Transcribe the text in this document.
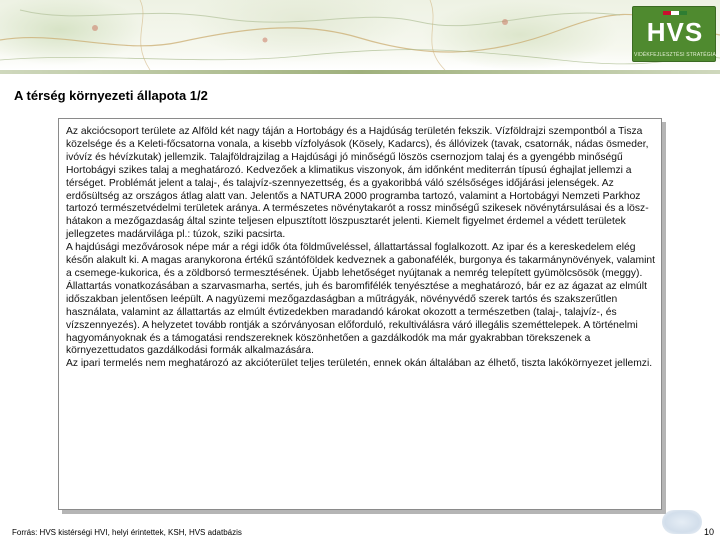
HVS
VIDÉKFEJLESZTÉSI STRATÉGIA
A térség környezeti állapota 1/2

Az akciócsoport területe az Alföld két nagy táján a Hortobágy és a Hajdúság területén fekszik. Vízföldrajzi szempontból a Tisza közelsége és a Keleti-főcsatorna vonala, a kisebb vízfolyások (Kösely, Kadarcs), és állóvizek (tavak, csatornák, nádas ösmeder, ivóvíz és hévízkutak) jellemzik. Talajföldrajzilag a Hajdúsági jó minőségű löszös csernozjom talaj és a gyengébb minőségű Hortobágyi szikes talaj a meghatározó. Kedvezőek a klimatikus viszonyok, ám időnként mediterrán típusú éghajlat jellemzi a térséget. Problémát jelent a talaj-, és talajvíz-szennyezettség, és a gyakoribbá váló szélsőséges időjárási jelenségek. Az erdősültség az országos átlag alatt van. Jelentős a NATURA 2000 programba tartozó, valamint a Hortobágyi Nemzeti Parkhoz tartozó természetvédelmi területek aránya. A természetes növénytakarót a rossz minőségű szikesek növénytársulásai és a löszhátakon a mezőgazdaság által szinte teljesen elpusztított löszpusztarét jelenti. Kiemelt figyelmet érdemel a védett területek jellegzetes madárvilága pl.: túzok, sziki pacsirta.

A hajdúsági mezővárosok népe már a régi idők óta földműveléssel, állattartással foglalkozott. Az ipar és a kereskedelem elég későn alakult ki. A magas aranykorona értékű szántóföldek kedveznek a gabonafélék, burgonya és takarmánynövények, valamint a csemege-kukorica, és a zöldborsó termesztésének. Újabb lehetőséget nyújtanak a nemrég telepített gyümölcsösök (meggy). Állattartás vonatkozásában a szarvasmarha, sertés, juh és baromfifélék tenyésztése a meghatározó, bár ez az ágazat az elmúlt időszakban jelentősen leépült. A nagyüzemi mezőgazdaságban a műtrágyák, növényvédő szerek tartós és szakszerűtlen használata, valamint az állattartás az elmúlt évtizedekben maradandó károkat okozott a természetben (talaj-, talajvíz-, és vízszennyezés). A helyzetet tovább rontják a szórványosan előforduló, rekultiválásra váró illegális szeméttelepek. A történelmi hagyományoknak és a támogatási rendszereknek köszönhetően a gazdálkodók ma már gyakrabban törekszenek a környezettudatos gazdálkodási formák alkalmazására.

Az ipari termelés nem meghatározó az akcióterület teljes területén, ennek okán általában az élhető, tiszta lakókörnyezet jellemzi.

Forrás: HVS kistérségi HVI, helyi érintettek, KSH, HVS adatbázis	10
